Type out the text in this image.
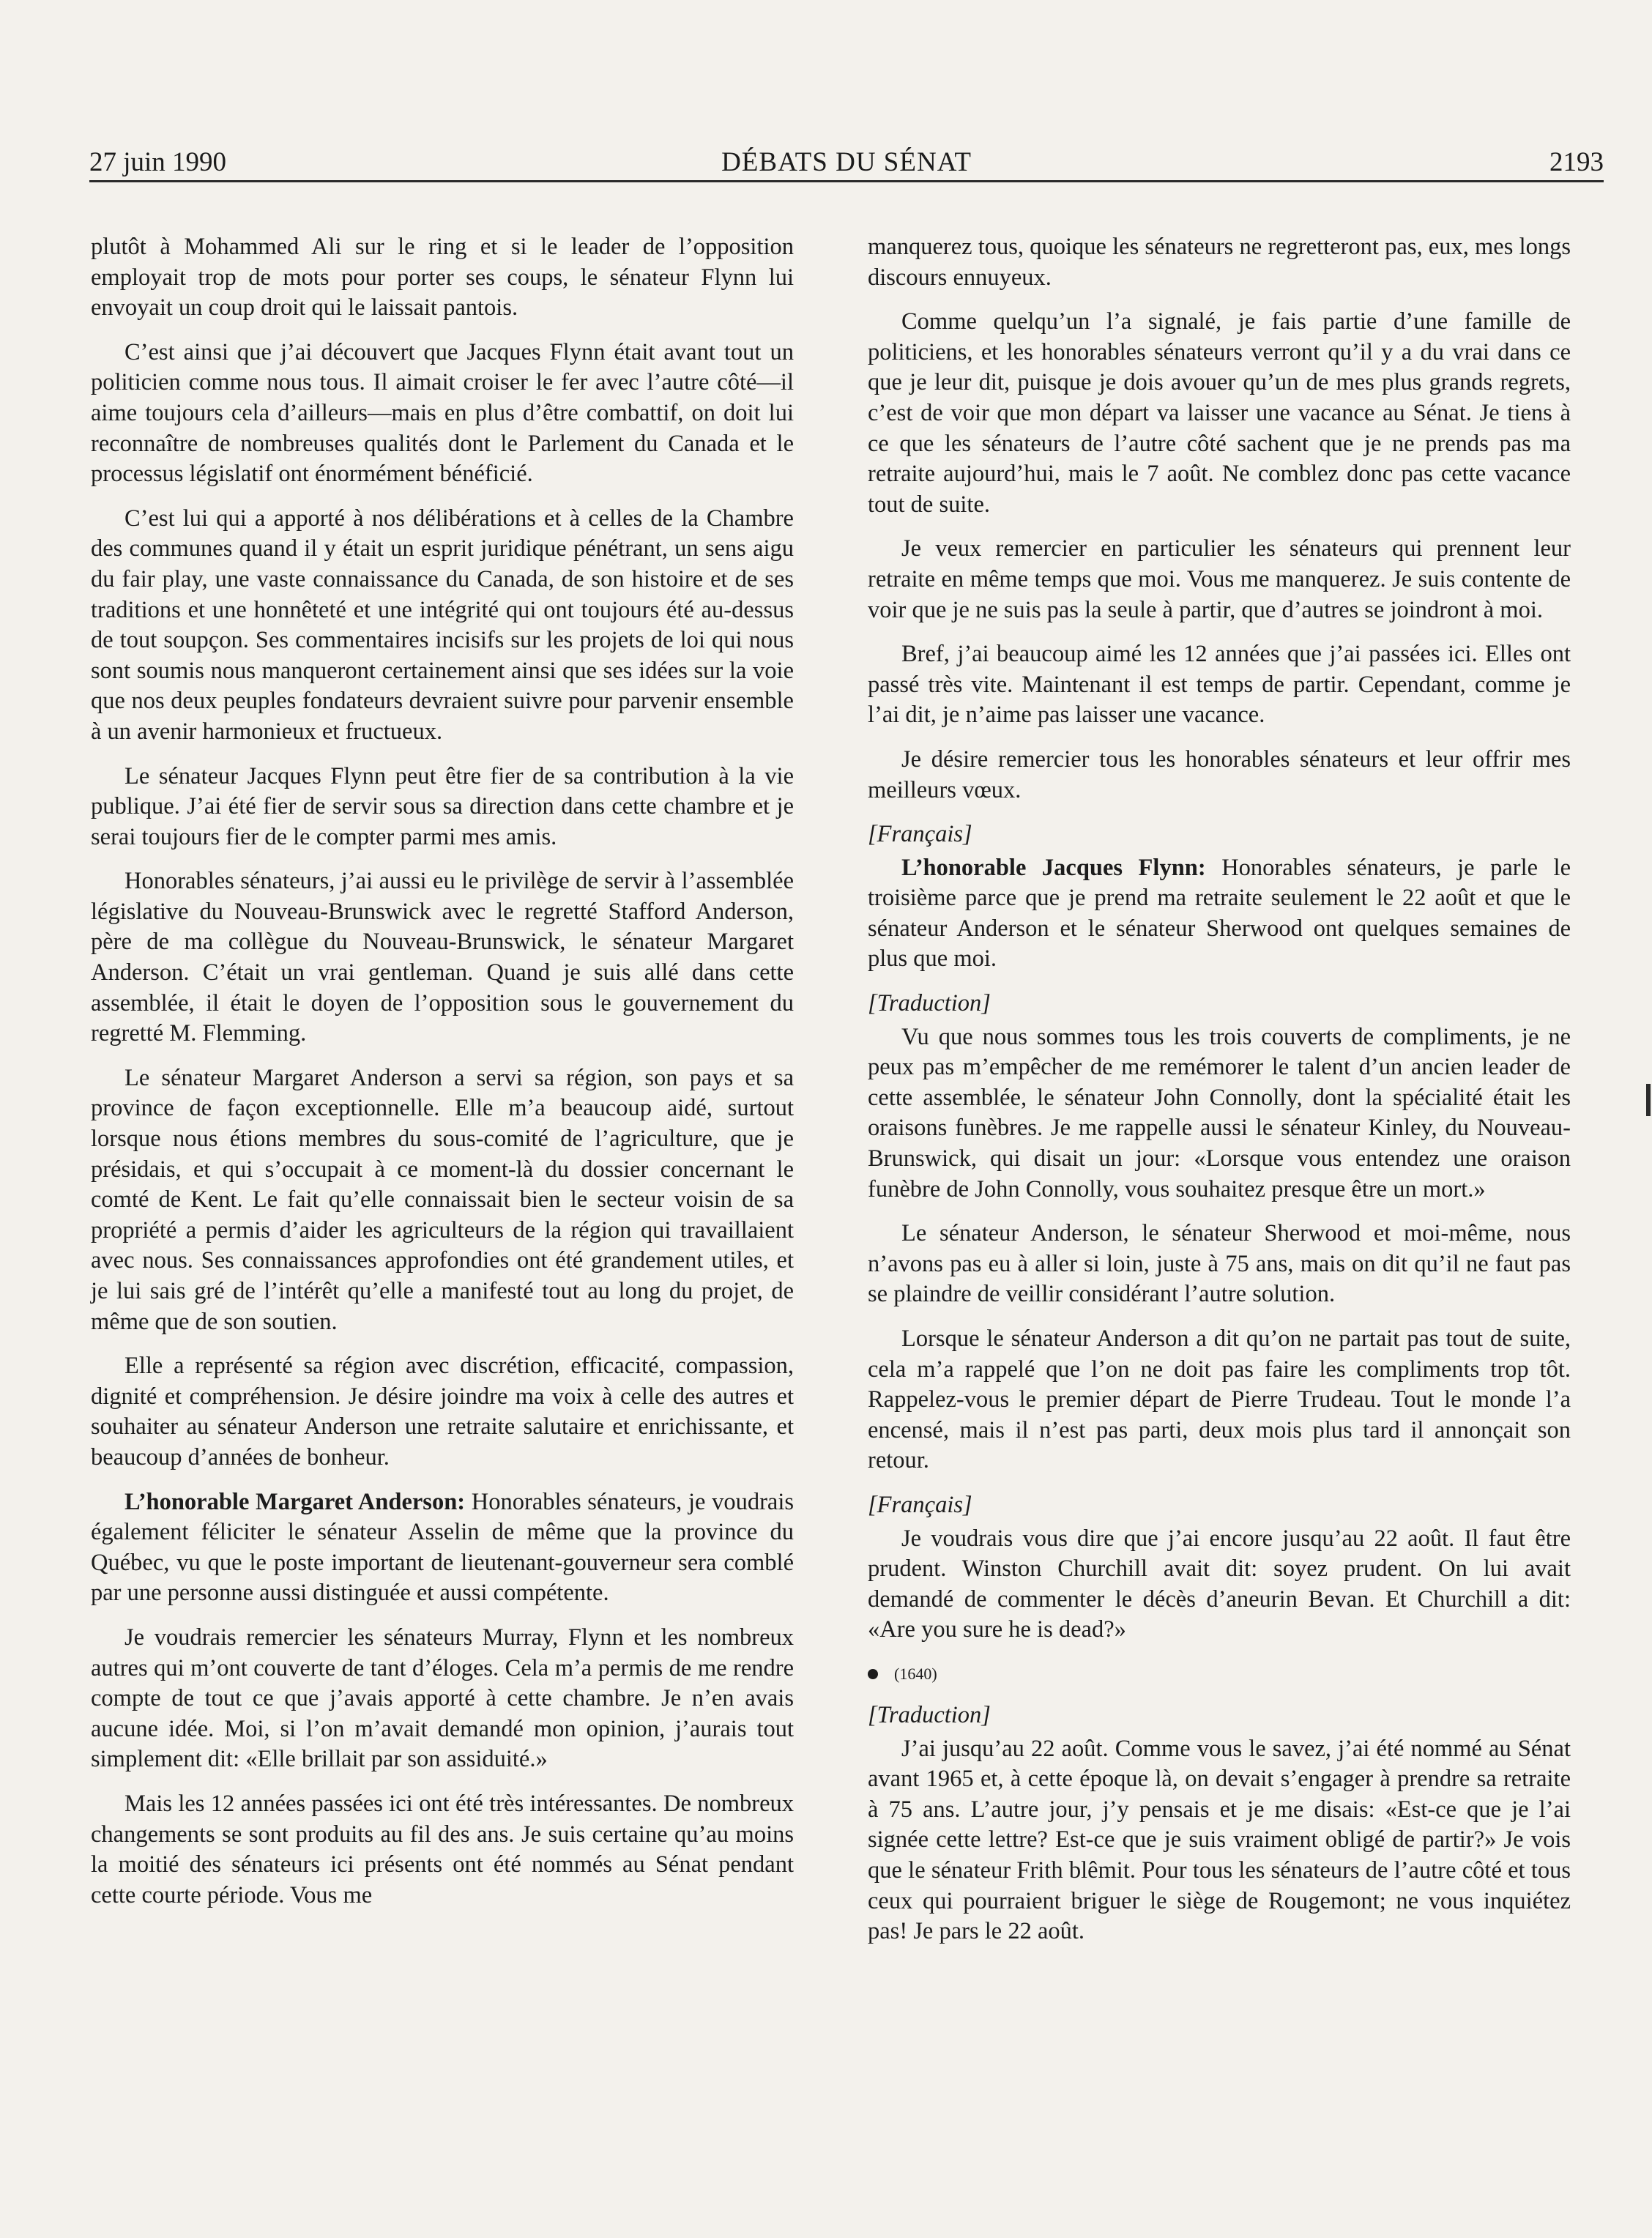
27 juin 1990	DÉBATS DU SÉNAT	2193

plutôt à Mohammed Ali sur le ring et si le leader de l’opposition employait trop de mots pour porter ses coups, le sénateur Flynn lui envoyait un coup droit qui le laissait pantois.

C’est ainsi que j’ai découvert que Jacques Flynn était avant tout un politicien comme nous tous. Il aimait croiser le fer avec l’autre côté—il aime toujours cela d’ailleurs—mais en plus d’être combattif, on doit lui reconnaître de nombreuses qualités dont le Parlement du Canada et le processus législatif ont énormément bénéficié.

C’est lui qui a apporté à nos délibérations et à celles de la Chambre des communes quand il y était un esprit juridique pénétrant, un sens aigu du fair play, une vaste connaissance du Canada, de son histoire et de ses traditions et une honnêteté et une intégrité qui ont toujours été au-dessus de tout soupçon. Ses commentaires incisifs sur les projets de loi qui nous sont soumis nous manqueront certainement ainsi que ses idées sur la voie que nos deux peuples fondateurs devraient suivre pour parvenir ensemble à un avenir harmonieux et fructueux.

Le sénateur Jacques Flynn peut être fier de sa contribution à la vie publique. J’ai été fier de servir sous sa direction dans cette chambre et je serai toujours fier de le compter parmi mes amis.

Honorables sénateurs, j’ai aussi eu le privilège de servir à l’assemblée législative du Nouveau-Brunswick avec le regretté Stafford Anderson, père de ma collègue du Nouveau-Brunswick, le sénateur Margaret Anderson. C’était un vrai gentleman. Quand je suis allé dans cette assemblée, il était le doyen de l’opposition sous le gouvernement du regretté M. Flemming.

Le sénateur Margaret Anderson a servi sa région, son pays et sa province de façon exceptionnelle. Elle m’a beaucoup aidé, surtout lorsque nous étions membres du sous-comité de l’agriculture, que je présidais, et qui s’occupait à ce moment-là du dossier concernant le comté de Kent. Le fait qu’elle connaissait bien le secteur voisin de sa propriété a permis d’aider les agriculteurs de la région qui travaillaient avec nous. Ses connaissances approfondies ont été grandement utiles, et je lui sais gré de l’intérêt qu’elle a manifesté tout au long du projet, de même que de son soutien.

Elle a représenté sa région avec discrétion, efficacité, compassion, dignité et compréhension. Je désire joindre ma voix à celle des autres et souhaiter au sénateur Anderson une retraite salutaire et enrichissante, et beaucoup d’années de bonheur.

L’honorable Margaret Anderson: Honorables sénateurs, je voudrais également féliciter le sénateur Asselin de même que la province du Québec, vu que le poste important de lieutenant-gouverneur sera comblé par une personne aussi distinguée et aussi compétente.

Je voudrais remercier les sénateurs Murray, Flynn et les nombreux autres qui m’ont couverte de tant d’éloges. Cela m’a permis de me rendre compte de tout ce que j’avais apporté à cette chambre. Je n’en avais aucune idée. Moi, si l’on m’avait demandé mon opinion, j’aurais tout simplement dit: «Elle brillait par son assiduité.»

Mais les 12 années passées ici ont été très intéressantes. De nombreux changements se sont produits au fil des ans. Je suis certaine qu’au moins la moitié des sénateurs ici présents ont été nommés au Sénat pendant cette courte période. Vous me

manquerez tous, quoique les sénateurs ne regretteront pas, eux, mes longs discours ennuyeux.

Comme quelqu’un l’a signalé, je fais partie d’une famille de politiciens, et les honorables sénateurs verront qu’il y a du vrai dans ce que je leur dit, puisque je dois avouer qu’un de mes plus grands regrets, c’est de voir que mon départ va laisser une vacance au Sénat. Je tiens à ce que les sénateurs de l’autre côté sachent que je ne prends pas ma retraite aujourd’hui, mais le 7 août. Ne comblez donc pas cette vacance tout de suite.

Je veux remercier en particulier les sénateurs qui prennent leur retraite en même temps que moi. Vous me manquerez. Je suis contente de voir que je ne suis pas la seule à partir, que d’autres se joindront à moi.

Bref, j’ai beaucoup aimé les 12 années que j’ai passées ici. Elles ont passé très vite. Maintenant il est temps de partir. Cependant, comme je l’ai dit, je n’aime pas laisser une vacance.

Je désire remercier tous les honorables sénateurs et leur offrir mes meilleurs vœux.

[Français]

L’honorable Jacques Flynn: Honorables sénateurs, je parle le troisième parce que je prend ma retraite seulement le 22 août et que le sénateur Anderson et le sénateur Sherwood ont quelques semaines de plus que moi.

[Traduction]

Vu que nous sommes tous les trois couverts de compliments, je ne peux pas m’empêcher de me remémorer le talent d’un ancien leader de cette assemblée, le sénateur John Connolly, dont la spécialité était les oraisons funèbres. Je me rappelle aussi le sénateur Kinley, du Nouveau-Brunswick, qui disait un jour: «Lorsque vous entendez une oraison funèbre de John Connolly, vous souhaitez presque être un mort.»

Le sénateur Anderson, le sénateur Sherwood et moi-même, nous n’avons pas eu à aller si loin, juste à 75 ans, mais on dit qu’il ne faut pas se plaindre de veillir considérant l’autre solution.

Lorsque le sénateur Anderson a dit qu’on ne partait pas tout de suite, cela m’a rappelé que l’on ne doit pas faire les compliments trop tôt. Rappelez-vous le premier départ de Pierre Trudeau. Tout le monde l’a encensé, mais il n’est pas parti, deux mois plus tard il annonçait son retour.

[Français]

Je voudrais vous dire que j’ai encore jusqu’au 22 août. Il faut être prudent. Winston Churchill avait dit: soyez prudent. On lui avait demandé de commenter le décès d’aneurin Bevan. Et Churchill a dit: «Are you sure he is dead?»

(1640)

[Traduction]

J’ai jusqu’au 22 août. Comme vous le savez, j’ai été nommé au Sénat avant 1965 et, à cette époque là, on devait s’engager à prendre sa retraite à 75 ans. L’autre jour, j’y pensais et je me disais: «Est-ce que je l’ai signée cette lettre? Est-ce que je suis vraiment obligé de partir?» Je vois que le sénateur Frith blêmit. Pour tous les sénateurs de l’autre côté et tous ceux qui pourraient briguer le siège de Rougemont; ne vous inquiétez pas! Je pars le 22 août.
